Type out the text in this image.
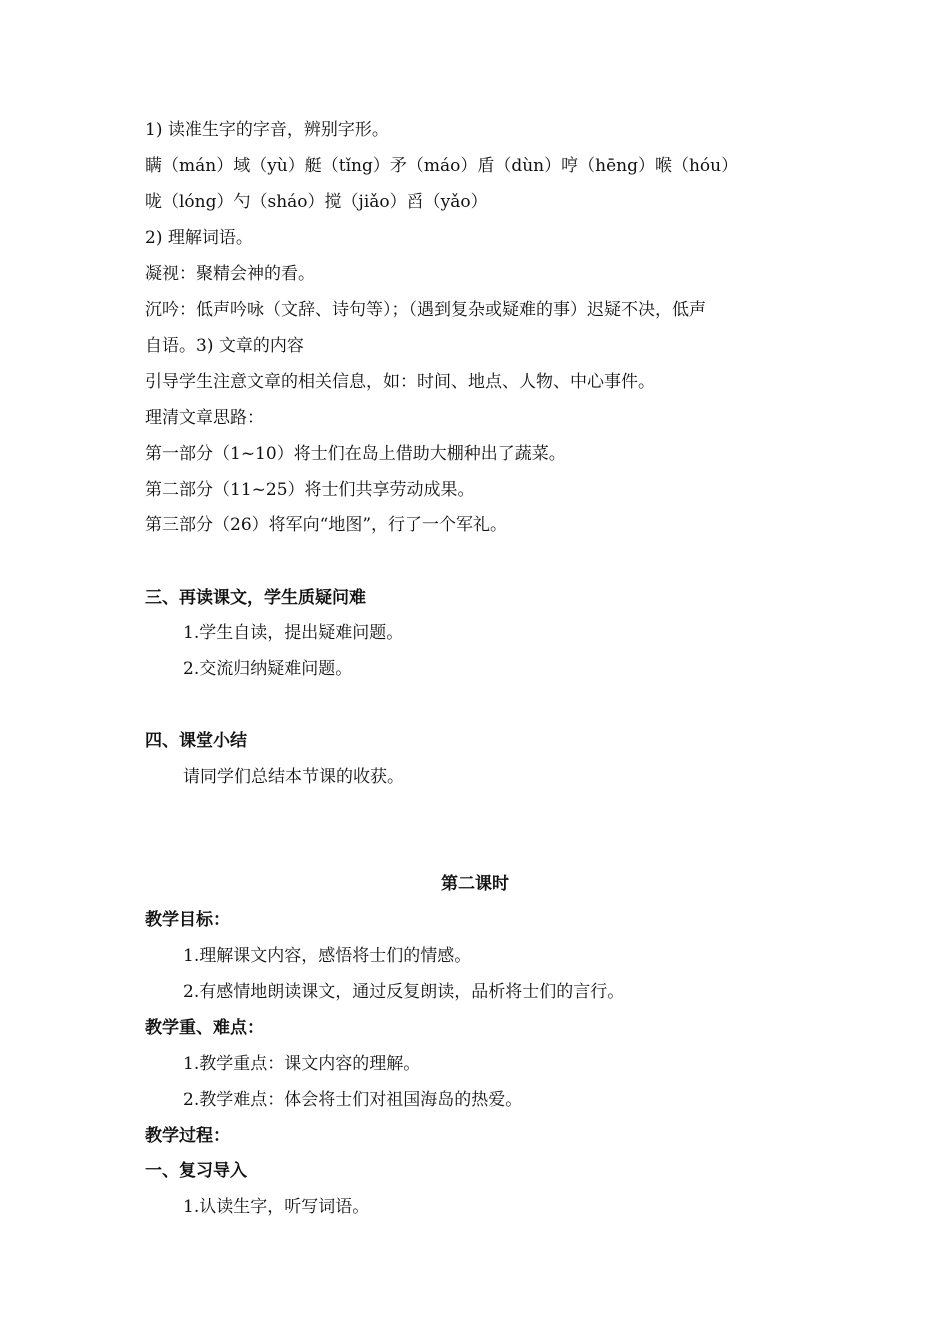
1) 读准生字的字音，辨别字形。
瞒（mán）域（yù）艇（tǐng）矛（máo）盾（dùn）哼（hēng）喉（hóu）
咙（lóng）勺（sháo）搅（jiǎo）舀（yǎo）
2) 理解词语。
凝视：聚精会神的看。
沉吟：低声吟咏（文辞、诗句等）；（遇到复杂或疑难的事）迟疑不决，低声
自语。3) 文章的内容
引导学生注意文章的相关信息，如：时间、地点、人物、中心事件。
理清文章思路：
第一部分（1~10）将士们在岛上借助大棚种出了蔬菜。
第二部分（11~25）将士们共享劳动成果。
第三部分（26）将军向“地图”，行了一个军礼。
三、再读课文，学生质疑问难
1.学生自读，提出疑难问题。
2.交流归纳疑难问题。
四、课堂小结
请同学们总结本节课的收获。
第二课时
教学目标：
1.理解课文内容，感悟将士们的情感。
2.有感情地朗读课文，通过反复朗读，品析将士们的言行。
教学重、难点：
1.教学重点：课文内容的理解。
2.教学难点：体会将士们对祖国海岛的热爱。
教学过程：
一、复习导入
1.认读生字，听写词语。
